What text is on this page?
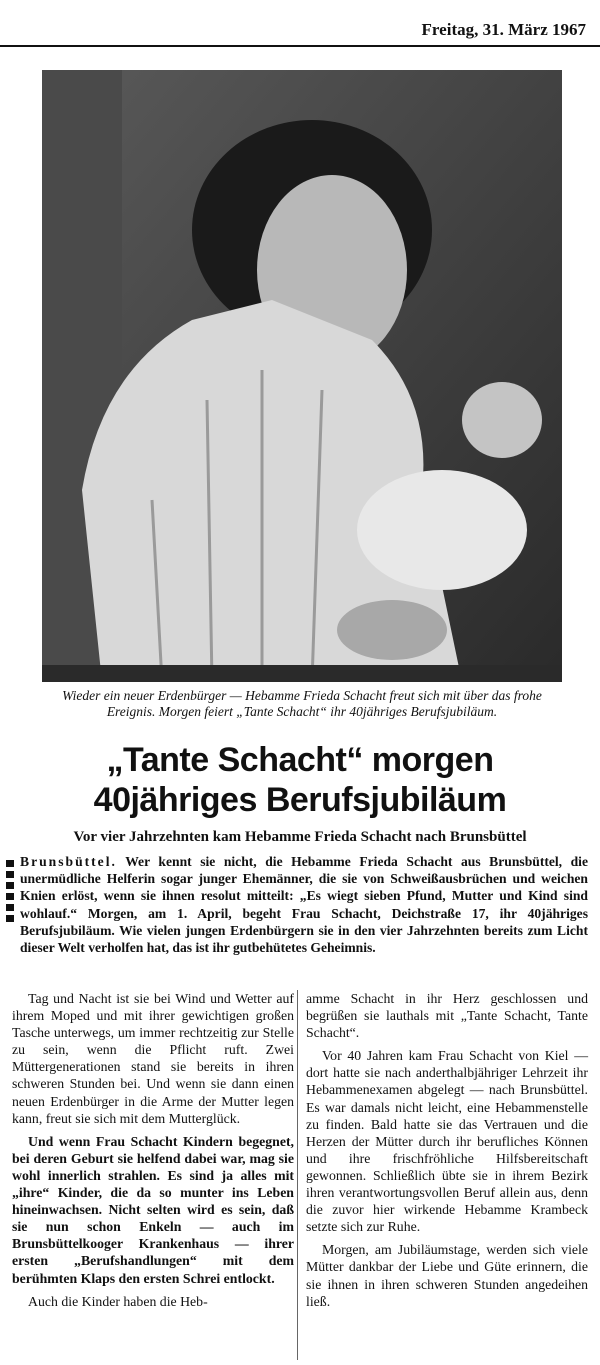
Freitag, 31. März 1967
Wieder ein neuer Erdenbürger — Hebamme Frieda Schacht freut sich mit über das frohe Ereignis. Morgen feiert „Tante Schacht“ ihr 40jähriges Berufsjubiläum.
„Tante Schacht“ morgen
40jähriges Berufsjubiläum
Vor vier Jahrzehnten kam Hebamme Frieda Schacht nach Brunsbüttel
Brunsbüttel. Wer kennt sie nicht, die Hebamme Frieda Schacht aus Brunsbüttel, die unermüdliche Helferin sogar junger Ehemänner, die sie von Schweißausbrüchen und weichen Knien erlöst, wenn sie ihnen resolut mitteilt: „Es wiegt sieben Pfund, Mutter und Kind sind wohlauf.“ Morgen, am 1. April, begeht Frau Schacht, Deichstraße 17, ihr 40jähriges Berufsjubiläum. Wie vielen jungen Erdenbürgern sie in den vier Jahrzehnten bereits zum Licht dieser Welt verholfen hat, das ist ihr gutbehütetes Geheimnis.

Tag und Nacht ist sie bei Wind und Wetter auf ihrem Moped und mit ihrer gewichtigen großen Tasche unterwegs, um immer rechtzeitig zur Stelle zu sein, wenn die Pflicht ruft. Zwei Müttergenerationen stand sie bereits in ihren schweren Stunden bei. Und wenn sie dann einen neuen Erdenbürger in die Arme der Mutter legen kann, freut sie sich mit dem Mutterglück.

Und wenn Frau Schacht Kindern begegnet, bei deren Geburt sie helfend dabei war, mag sie wohl innerlich strahlen. Es sind ja alles mit „ihre“ Kinder, die da so munter ins Leben hineinwachsen. Nicht selten wird es sein, daß sie nun schon Enkeln — auch im Brunsbüttelkooger Krankenhaus — ihrer ersten „Berufshandlungen“ mit dem berühmten Klaps den ersten Schrei entlockt.

Auch die Kinder haben die Heb-

amme Schacht in ihr Herz geschlossen und begrüßen sie lauthals mit „Tante Schacht, Tante Schacht“.

Vor 40 Jahren kam Frau Schacht von Kiel — dort hatte sie nach anderthalbjähriger Lehrzeit ihr Hebammenexamen abgelegt — nach Brunsbüttel. Es war damals nicht leicht, eine Hebammenstelle zu finden. Bald hatte sie das Vertrauen und die Herzen der Mütter durch ihr berufliches Können und ihre frischfröhliche Hilfsbereitschaft gewonnen. Schließlich übte sie in ihrem Bezirk ihren verantwortungsvollen Beruf allein aus, denn die zuvor hier wirkende Hebamme Krambeck setzte sich zur Ruhe.

Morgen, am Jubiläumstage, werden sich viele Mütter dankbar der Liebe und Güte erinnern, die sie ihnen in ihren schweren Stunden angedeihen ließ.
